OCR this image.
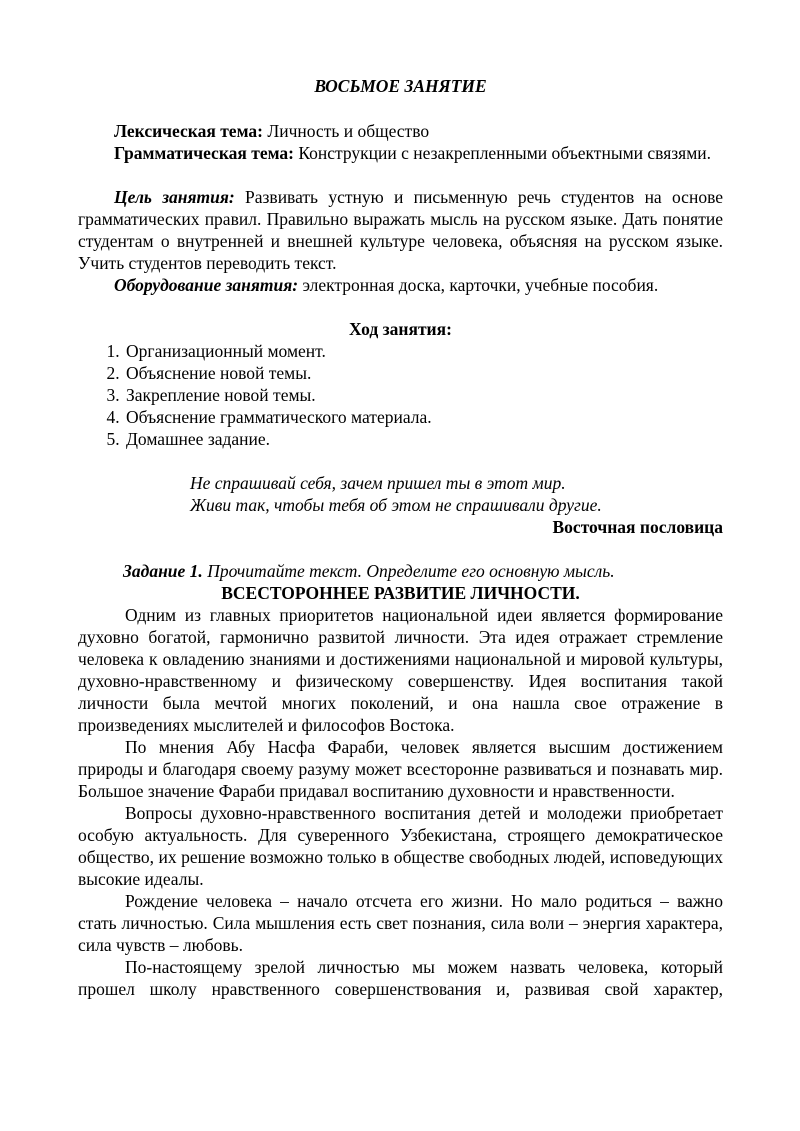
ВОСЬМОЕ ЗАНЯТИЕ

Лексическая тема: Личность и общество

Грамматическая тема: Конструкции с незакрепленными объектными связями.

Цель занятия: Развивать устную и письменную речь студентов на основе грамматических правил. Правильно выражать мысль на русском языке. Дать понятие студентам о внутренней и внешней культуре человека, объясняя на русском языке. Учить студентов переводить текст.

Оборудование занятия: электронная доска, карточки, учебные пособия.

Ход занятия:

1. Организационный момент.
2. Объяснение новой темы.
3. Закрепление новой темы.
4. Объяснение грамматического материала.
5. Домашнее задание.

Не спрашивай себя, зачем пришел ты в этот мир.

Живи так, чтобы тебя об этом не спрашивали другие.

Восточная пословица

Задание 1. Прочитайте текст. Определите его основную мысль.

ВСЕСТОРОННЕЕ РАЗВИТИЕ ЛИЧНОСТИ.

Одним из главных приоритетов национальной идеи является формирование духовно богатой, гармонично развитой личности. Эта идея отражает стремление человека к овладению знаниями и достижениями национальной и мировой культуры, духовно-нравственному и физическому совершенству. Идея воспитания такой личности была мечтой многих поколений, и она нашла свое отражение в произведениях мыслителей и философов Востока.

По мнения Абу Насфа Фараби, человек является высшим достижением природы и благодаря своему разуму может всесторонне развиваться и познавать мир. Большое значение Фараби придавал воспитанию духовности и нравственности.

Вопросы духовно-нравственного воспитания детей и молодежи приобретает особую актуальность. Для суверенного Узбекистана, строящего демократическое общество, их решение возможно только в обществе свободных людей, исповедующих высокие идеалы.

Рождение человека – начало отсчета его жизни. Но мало родиться – важно стать личностью. Сила мышления есть свет познания, сила воли – энергия характера, сила чувств – любовь.

По-настоящему зрелой личностью мы можем назвать человека, который прошел школу нравственного совершенствования и, развивая свой характер,
